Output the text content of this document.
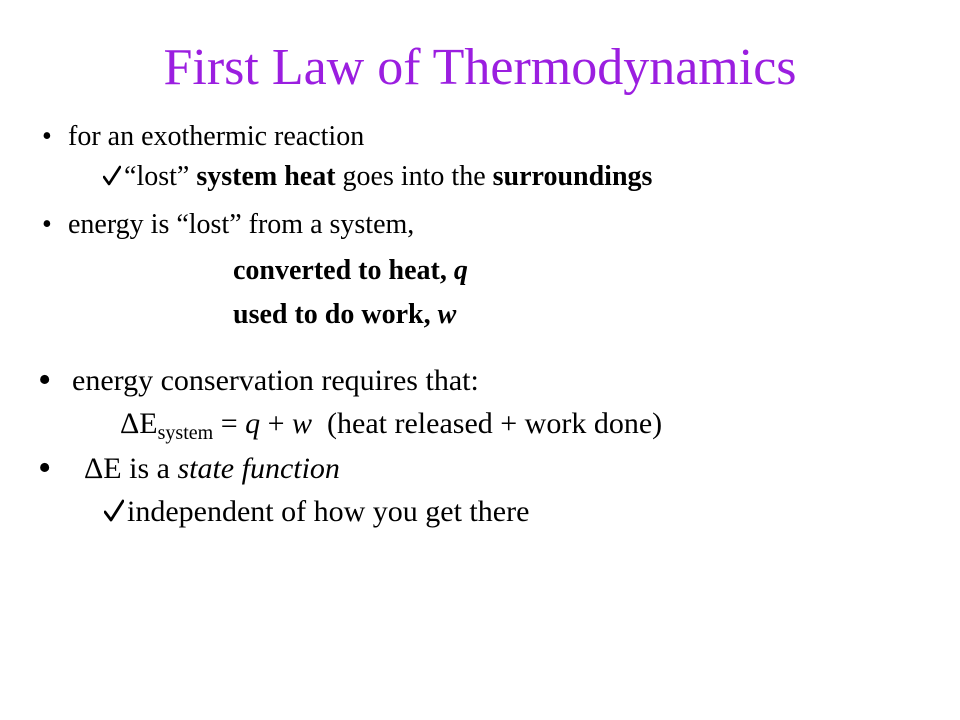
First Law of Thermodynamics
• for an exothermic reaction
“lost” system heat goes into the surroundings
• energy is “lost” from a system,
converted to heat, q
used to do work, w
• energy conservation requires that:
$\Delta E_{system} = q + w$ (heat released + work done)
• ΔE is a state function
independent of how you get there
